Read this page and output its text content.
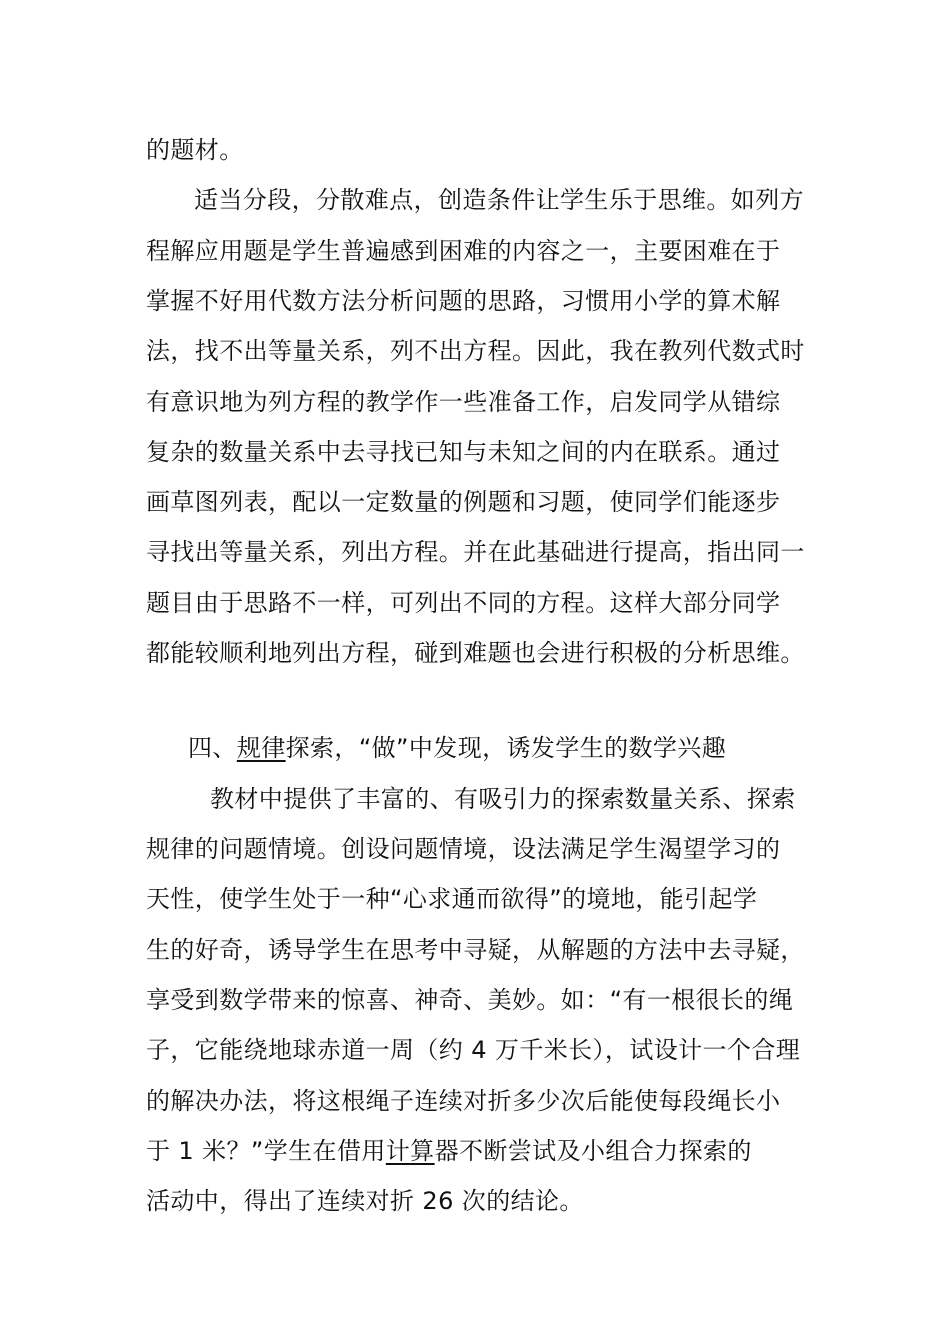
的题材。
适当分段，分散难点，创造条件让学生乐于思维。如列方
程解应用题是学生普遍感到困难的内容之一，主要困难在于
掌握不好用代数方法分析问题的思路，习惯用小学的算术解
法，找不出等量关系，列不出方程。因此，我在教列代数式时
有意识地为列方程的教学作一些准备工作，启发同学从错综
复杂的数量关系中去寻找已知与未知之间的内在联系。通过
画草图列表，配以一定数量的例题和习题，使同学们能逐步
寻找出等量关系，列出方程。并在此基础进行提高，指出同一
题目由于思路不一样，可列出不同的方程。这样大部分同学
都能较顺利地列出方程，碰到难题也会进行积极的分析思维。
四、规律探索，“做”中发现，诱发学生的数学兴趣
教材中提供了丰富的、有吸引力的探索数量关系、探索
规律的问题情境。创设问题情境，设法满足学生渴望学习的
天性，使学生处于一种“心求通而欲得”的境地，能引起学
生的好奇，诱导学生在思考中寻疑，从解题的方法中去寻疑，
享受到数学带来的惊喜、神奇、美妙。如：“有一根很长的绳
子，它能绕地球赤道一周（约 4 万千米长），试设计一个合理
的解决办法，将这根绳子连续对折多少次后能使每段绳长小
于 1 米？”学生在借用计算器不断尝试及小组合力探索的
活动中，得出了连续对折 26 次的结论。
